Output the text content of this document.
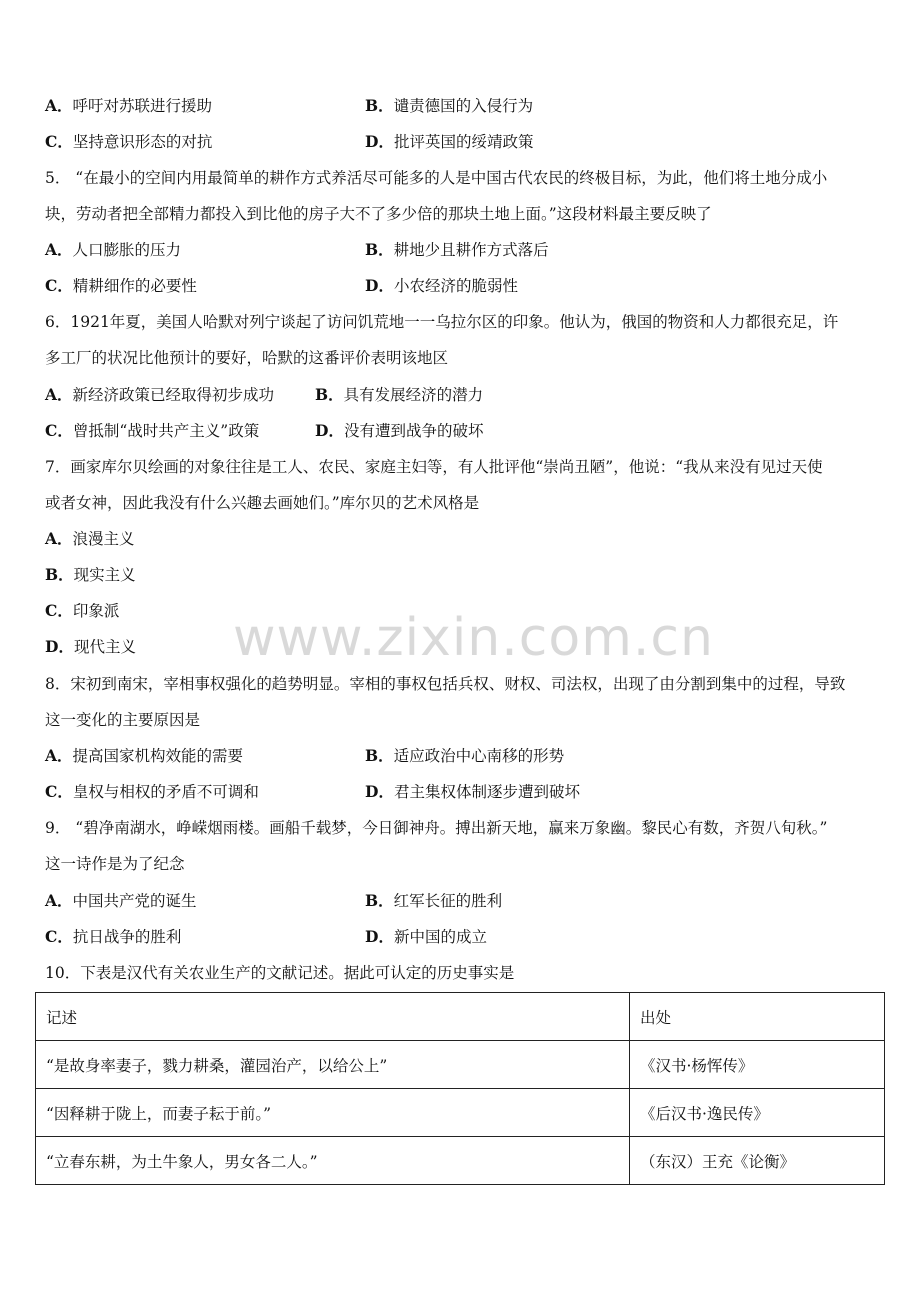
www.zixin.com.cn
A．呼吁对苏联进行援助	B．谴责德国的入侵行为
C．坚持意识形态的对抗	D．批评英国的绥靖政策
5． “在最小的空间内用最简单的耕作方式养活尽可能多的人是中国古代农民的终极目标，为此，他们将土地分成小
块，劳动者把全部精力都投入到比他的房子大不了多少倍的那块土地上面。”这段材料最主要反映了
A．人口膨胀的压力	B．耕地少且耕作方式落后
C．精耕细作的必要性	D．小农经济的脆弱性
6．1921年夏，美国人哈默对列宁谈起了访问饥荒地一一乌拉尔区的印象。他认为，俄国的物资和人力都很充足，许
多工厂的状况比他预计的要好，哈默的这番评价表明该地区
A．新经济政策已经取得初步成功	B．具有发展经济的潜力
C．曾抵制“战时共产主义”政策	D．没有遭到战争的破坏
7．画家库尔贝绘画的对象往往是工人、农民、家庭主妇等，有人批评他“崇尚丑陋”，他说：“我从来没有见过天使
或者女神，因此我没有什么兴趣去画她们。”库尔贝的艺术风格是
A．浪漫主义
B．现实主义
C．印象派
D．现代主义
8．宋初到南宋，宰相事权强化的趋势明显。宰相的事权包括兵权、财权、司法权，出现了由分割到集中的过程，导致
这一变化的主要原因是
A．提高国家机构效能的需要	B．适应政治中心南移的形势
C．皇权与相权的矛盾不可调和	D．君主集权体制逐步遭到破坏
9． “碧净南湖水，峥嵘烟雨楼。画船千载梦，今日御神舟。搏出新天地，赢来万象幽。黎民心有数，齐贺八旬秋。”
这一诗作是为了纪念
A．中国共产党的诞生	B．红军长征的胜利
C．抗日战争的胜利	D．新中国的成立
10．下表是汉代有关农业生产的文献记述。据此可认定的历史事实是
记述	出处
“是故身率妻子，戮力耕桑，灌园治产，以给公上”	《汉书·杨恽传》
“因释耕于陇上，而妻子耘于前。”	《后汉书·逸民传》
“立春东耕，为土牛象人，男女各二人。”	（东汉）王充《论衡》
